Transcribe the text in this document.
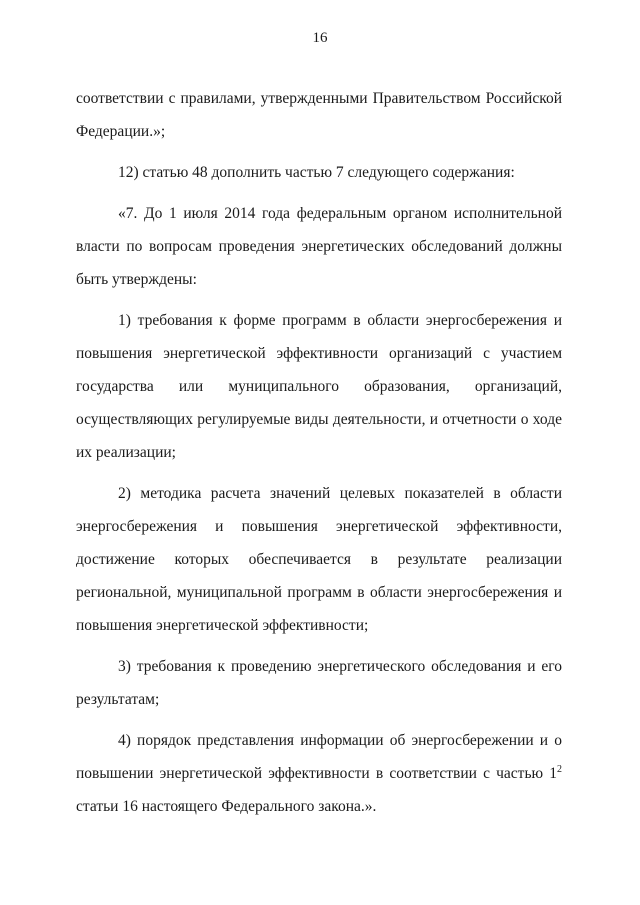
16

соответствии с правилами, утвержденными Правительством Российской Федерации.»;

12) статью 48 дополнить частью 7 следующего содержания:

«7. До 1 июля 2014 года федеральным органом исполнительной власти по вопросам проведения энергетических обследований должны быть утверждены:

1) требования к форме программ в области энергосбережения и повышения энергетической эффективности организаций с участием государства или муниципального образования, организаций, осуществляющих регулируемые виды деятельности, и отчетности о ходе их реализации;

2) методика расчета значений целевых показателей в области энергосбережения и повышения энергетической эффективности, достижение которых обеспечивается в результате реализации региональной, муниципальной программ в области энергосбережения и повышения энергетической эффективности;

3) требования к проведению энергетического обследования и его результатам;

4) порядок представления информации об энергосбережении и о повышении энергетической эффективности в соответствии с частью $1^2$ статьи 16 настоящего Федерального закона.».
